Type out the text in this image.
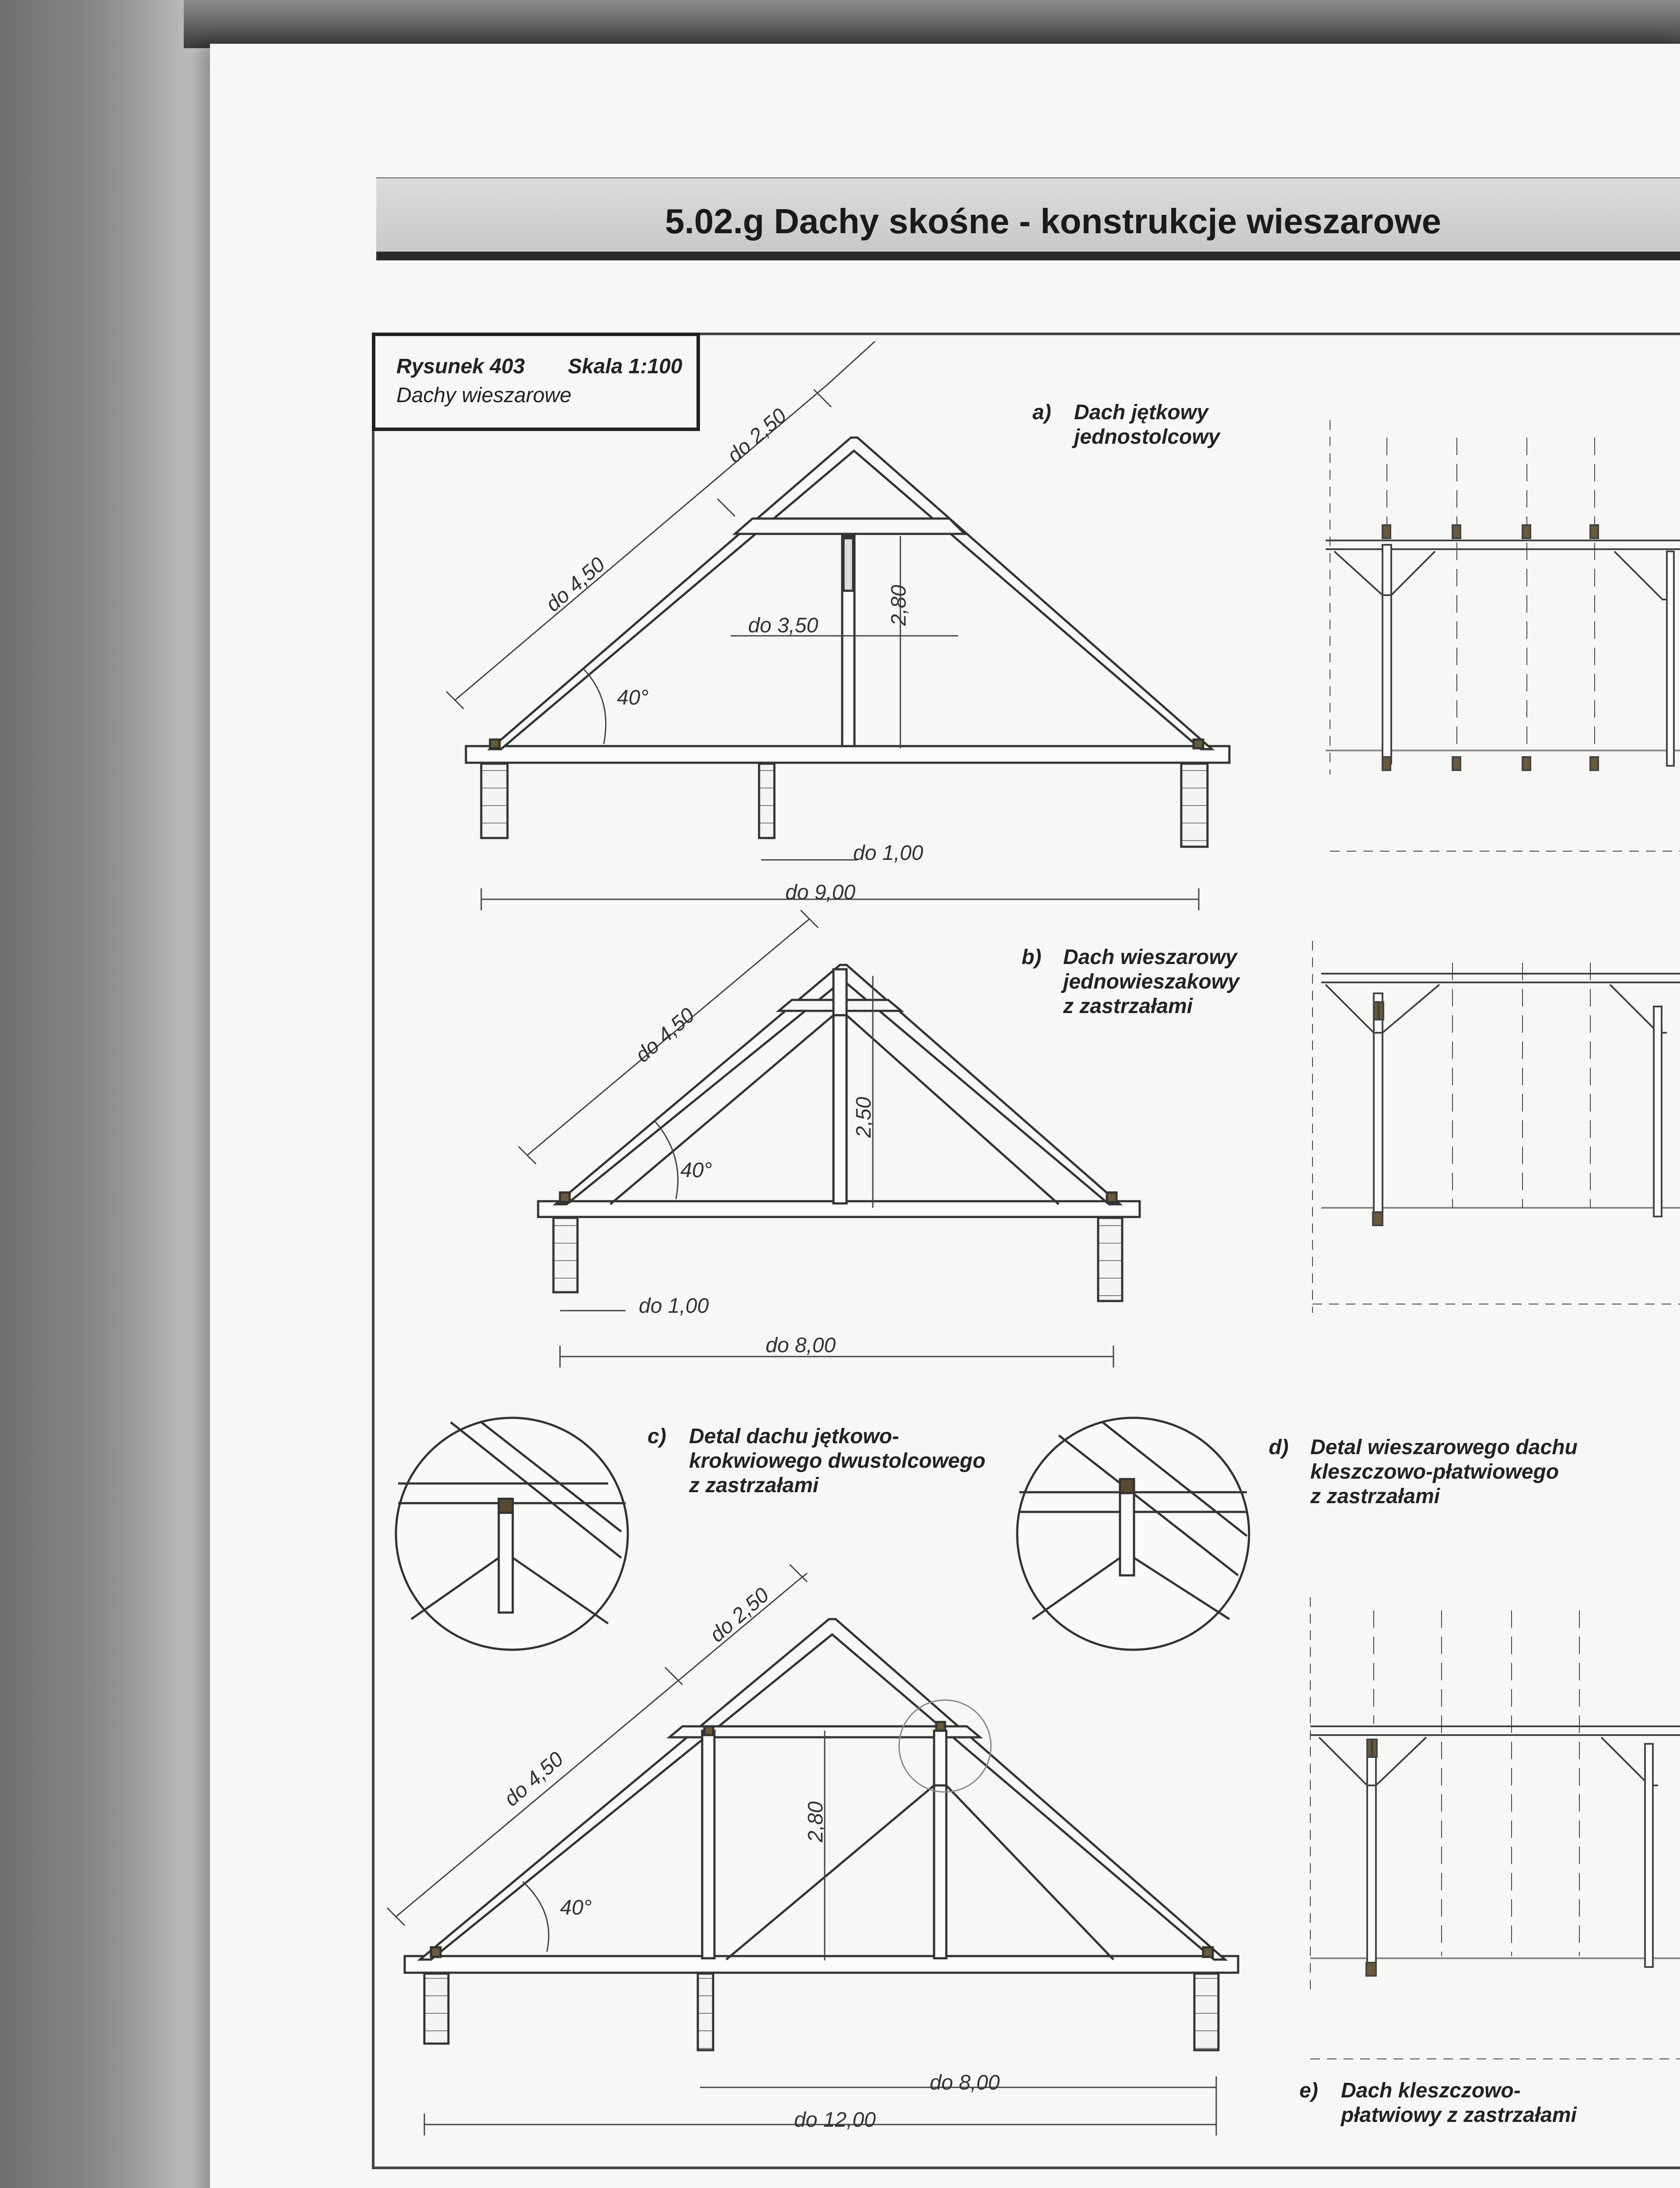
5.02.g Dachy skośne - konstrukcje wieszarowe
do 2,50
do 4,50
do 3,50	2,80
40°
do 1,00
do 9,00
do 4,50
2,50
40°
do 1,00
do 8,00
do 2,50
do 4,50
2,80
40°
do 8,00
do 12,00
Rysunek 403 Skala 1:100
Dachy wieszarowe
a) Dach jętkowy
jednostolcowy
b) Dach wieszarowy
jednowieszakowy
z zastrzałami
c) Detal dachu jętkowo-
krokwiowego dwustolcowego
z zastrzałami
d) Detal wieszarowego dachu
kleszczowo-płatwiowego
z zastrzałami
e) Dach kleszczowo-
płatwiowy z zastrzałami
